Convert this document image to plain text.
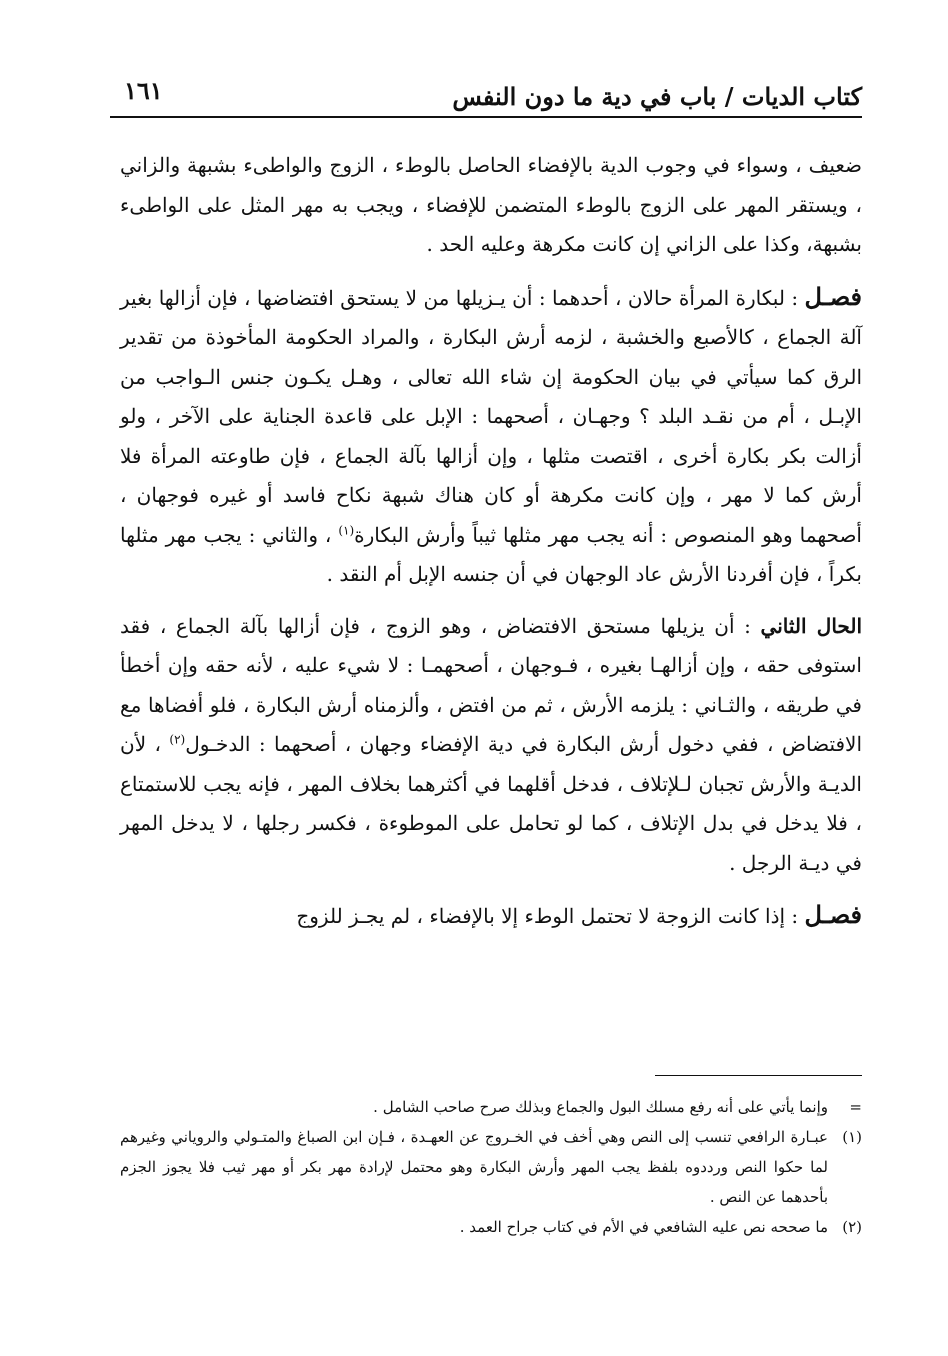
كتاب الديات / باب في دية ما دون النفس
١٦١

ضعيف ، وسواء في وجوب الدية بالإفضاء الحاصل بالوطء ، الزوج والواطىء بشبهة والزاني ، ويستقر المهر على الزوج بالوطء المتضمن للإفضاء ، ويجب به مهر المثل على الواطىء بشبهة، وكذا على الزاني إن كانت مكرهة وعليه الحد .

فصـل : لبكارة المرأة حالان ، أحدهما : أن يـزيلها من لا يستحق افتضاضها ، فإن أزالها بغير آلة الجماع ، كالأصبع والخشبة ، لزمه أرش البكارة ، والمراد الحكومة المأخوذة من تقدير الرق كما سيأتي في بيان الحكومة إن شاء الله تعالى ، وهـل يكـون جنس الـواجب من الإبـل ، أم من نقـد البلد ؟ وجهـان ، أصحهما : الإبل على قاعدة الجناية على الآخر ، ولو أزالت بكر بكارة أخرى ، اقتصت مثلها ، وإن أزالها بآلة الجماع ، فإن طاوعته المرأة فلا أرش كما لا مهر ، وإن كانت مكرهة أو كان هناك شبهة نكاح فاسد أو غيره فوجهان ، أصحهما وهو المنصوص : أنه يجب مهر مثلها ثيباً وأرش البكارة$^{(١)}$ ، والثاني : يجب مهر مثلها بكراً ، فإن أفردنا الأرش عاد الوجهان في أن جنسه الإبل أم النقد .

الحال الثاني : أن يزيلها مستحق الافتضاض ، وهو الزوج ، فإن أزالها بآلة الجماع ، فقد استوفى حقه ، وإن أزالهـا بغيره ، فـوجهان ، أصحهمـا : لا شيء عليه ، لأنه حقه وإن أخطأ في طريقه ، والثـاني : يلزمه الأرش ، ثم من افتض ، وألزمناه أرش البكارة ، فلو أفضاها مع الافتضاض ، ففي دخول أرش البكارة في دية الإفضاء وجهان ، أصحهما : الدخـول$^{(٢)}$ ، لأن الديـة والأرش تجبان لـلإتلاف ، فدخل أقلهما في أكثرهما بخلاف المهر ، فإنه يجب للاستمتاع ، فلا يدخل في بدل الإتلاف ، كما لو تحامل على الموطوءة ، فكسر رجلها ، لا يدخل المهر في ديـة الرجل .

فصـل : إذا كانت الزوجة لا تحتمل الوطء إلا بالإفضاء ، لم يجـز للزوج

=
وإنما يأتي على أنه رفع مسلك البول والجماع وبذلك صرح صاحب الشامل .
(١)
عبـارة الرافعي تنسب إلى النص وهي أخف في الخـروج عن العهـدة ، فـإن ابن الصباغ والمتـولي والروياني وغيرهم لما حكوا النص ورددوه بلفظ يجب المهر وأرش البكارة وهو محتمل لإرادة مهر بكر أو مهر ثيب فلا يجوز الجزم بأحدهما عن النص .
(٢)
ما صححه نص عليه الشافعي في الأم في كتاب جراح العمد .
